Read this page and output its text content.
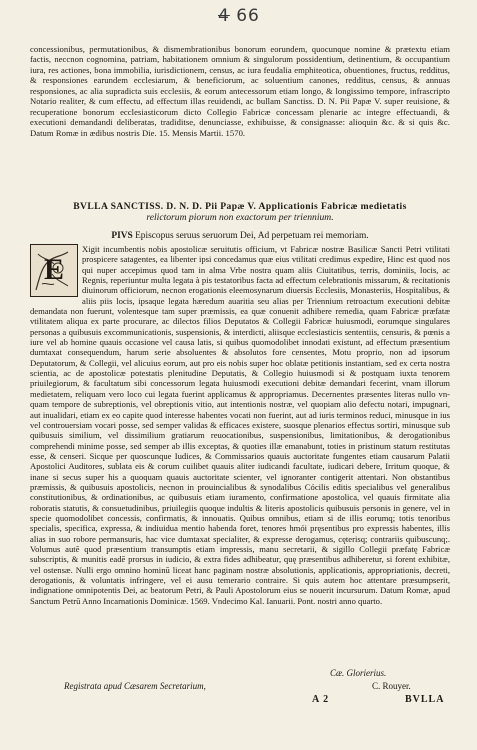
4 66
concessionibus, permutationibus, & dismembrationibus bonorum eorundem, quocunque nomine & prætextu etiam factis, neccnon cognomina, patriam, habitationem omnium & singulorum possidentium, detinentium, & occupantium iura, res actiones, bona immobilia, iurisdictionem, census, ac iura feudalia emphiteotica, obuentiones, fructus, redditus, & responsiones earundem ecclesiarum, & beneficiorum, ac soluentium canones, redditus, census, & annuas responsiones, ac alia supradicta suis ecclesiis, & eorum antecessorum etiam longo, & longissimo tempore, infrascripto Notario realiter, & cum effectu, ad effectum illas reuidendi, ac bullam Sanctiss. D. N. Pii Papæ V. super reuisione, & recuperatione bonorum ecclesiasticorum dicto Collegio Fabricæ concessam plenarie ac integre effectuandi, & executioni demandandi deliberatas, tradiditse, denunciasse, exhibuisse, & consignasse: alioquin &c. & si quis &c. Datum Romæ in ædibus nostris Die. 15. Mensis Martii. 1570.
BVLLA SANCTISS. D. N. D. Pii Papæ V. Applicationis Fabricæ medietatis
relictorum piorum non exactorum per triennium.
PIVS Episcopus seruus seruorum Dei, Ad perpetuam rei memoriam.
Xigit incumbentis nobis apostolicæ seruitutis officium, vt Fabricæ nostræ Basilicæ Sancti Petri vtilitati prospicere satagentes, ea libenter ipsi concedamus quæ eius vtilitati credimus expedire, Hinc est quod nos qui nuper accepimus quod tam in alma Vrbe nostra quam aliis Ciuitatibus, terris, dominiis, locis, ac Regnis, reperiuntur multa legata à pis testatoribus facta ad effectum celebrationis missarum, & recitationis diuinorum officiorum, necnon erogationis eleemosynarum diuersis Ecclesiis, Monasteriis, Hospitalibus, & aliis piis locis, ipsaque legata hæredum auaritia seu alias per Triennium retroactum executioni debitæ demandata non fuerunt, volentesque tam super præmissis, ea quæ conuenit adhibere remedia, quam Fabricæ præfatæ vtilitatem aliqua ex parte procurare, ac dilectos filios Deputatos & Collegii Fabricæ huiusmodi, eorumque singulares personas a quibusuis excommunicationis, suspensionis, & interdicti, aliisque ecclesiasticis sententiis, censuris, & pœnis a iure vel ab homine quauis occasione vel causa latis, si quibus quomodolibet innodati existunt, ad effectum præsentium dumtaxat consequendum, harum serie absoluentes & absolutos fore censentes, Motu proprio, non ad ipsorum Deputatorum, & Collegii, vel alicuius eorum, aut pro eis nobis super hoc oblatæ petitionis instantiam, sed ex certa nostra scientia, ac de apostolicæ potestatis plenitudine Deputatis, & Collegio huiusmodi si & postquam iuxta tenorem priuilegiorum, & facultatum sibi concessorum legata huiusmodi executioni debitæ demandari fecerint, vnam illorum medietatem, reliquam vero loco cui legata fuerint applicamus & appropriamus. Decernentes præsentes literas nullo vnquam tempore de subreptionis, vel obreptionis vitio, aut intentionis nostræ, vel quopiam alio defectu notari, impugnari, aut inualidari, etiam ex eo capite quod interesse habentes vocati non fuerint, aut ad iuris terminos reduci, minusque in ius vel controuersiam vocari posse, sed semper validas & efficaces existere, suosque plenarios effectus sortiri, minusque sub quibusuis similium, vel dissimilium gratiarum reuocationibus, suspensionibus, limitationibus, & derogationibus comprehendi minime posse, sed semper ab illis exceptas, & quoties illæ emanabunt, toties in pristinum statum restitutas esse, & censeri. Sicque per quoscunque Iudices, & Commissarios quauis auctoritate fungentes etiam causarum Palatii Apostolici Auditores, sublata eis & corum cuilibet quauis aliter iudicandi facultate, iudicari debere, Irritum quoque, & inane si secus super his a quoquam quauis auctoritate scienter, vel ignoranter contigerit attentari. Non obstantibus præmissis, & quibusuis apostolicis, necnon in prouincialibus & synodalibus Cócilis editis specialibus vel generalibus constitutionibus, & ordinationibus, ac quibusuis etiam iuramento, confirmatione apostolica, vel quauis firmitate alia roboratis statutis, & consuetudinibus, priuilegiis quoque indultis & literis apostolicis quibusuis personis in genere, vel in specie quomodolibet concessis, confirmatis, & innouatis. Quibus omnibus, etiam si de illis eorumq; totis tenoribus specialis, specifica, expressa, & indiuidua mentio habenda foret, tenores hmói pręsentibus pro expressis habentes, illis alias in suo robore permansuris, hac vice dumtaxat specialiter, & expresse derogamus, cęterisq; contrariis quibuscunq;. Volumus autē quod præsentium transumptis etiam impressis, manu secretarii, & sigillo Collegii præfatę Fabricæ subscriptis, & munitis eadē prorsus in iudicio, & extra fides adhibeatur, quę præsentibus adhiberetur, si forent exhibitæ, vel ostensæ. Nulli ergo omnino hominū liceat hanc paginam nostræ absolutionis, applicationis, appropriationis, decreti, derogationis, & voluntatis infringere, vel ei ausu temerario contraire. Si quis autem hoc attentare præsumpserit, indignatione omnipotentis Dei, ac beatorum Petri, & Pauli Apostolorum eius se nouerit incursurum. Datum Romæ, apud Sanctum Petrū Anno Incarnationis Dominicæ. 1569. Vndecimo Kal. Ianuarii. Pont. nostri anno quarto.
E
Cæ. Glorierius.
Registrata apud Cæsarem Secretarium,	C. Rouyer.
A 2	BVLLA
